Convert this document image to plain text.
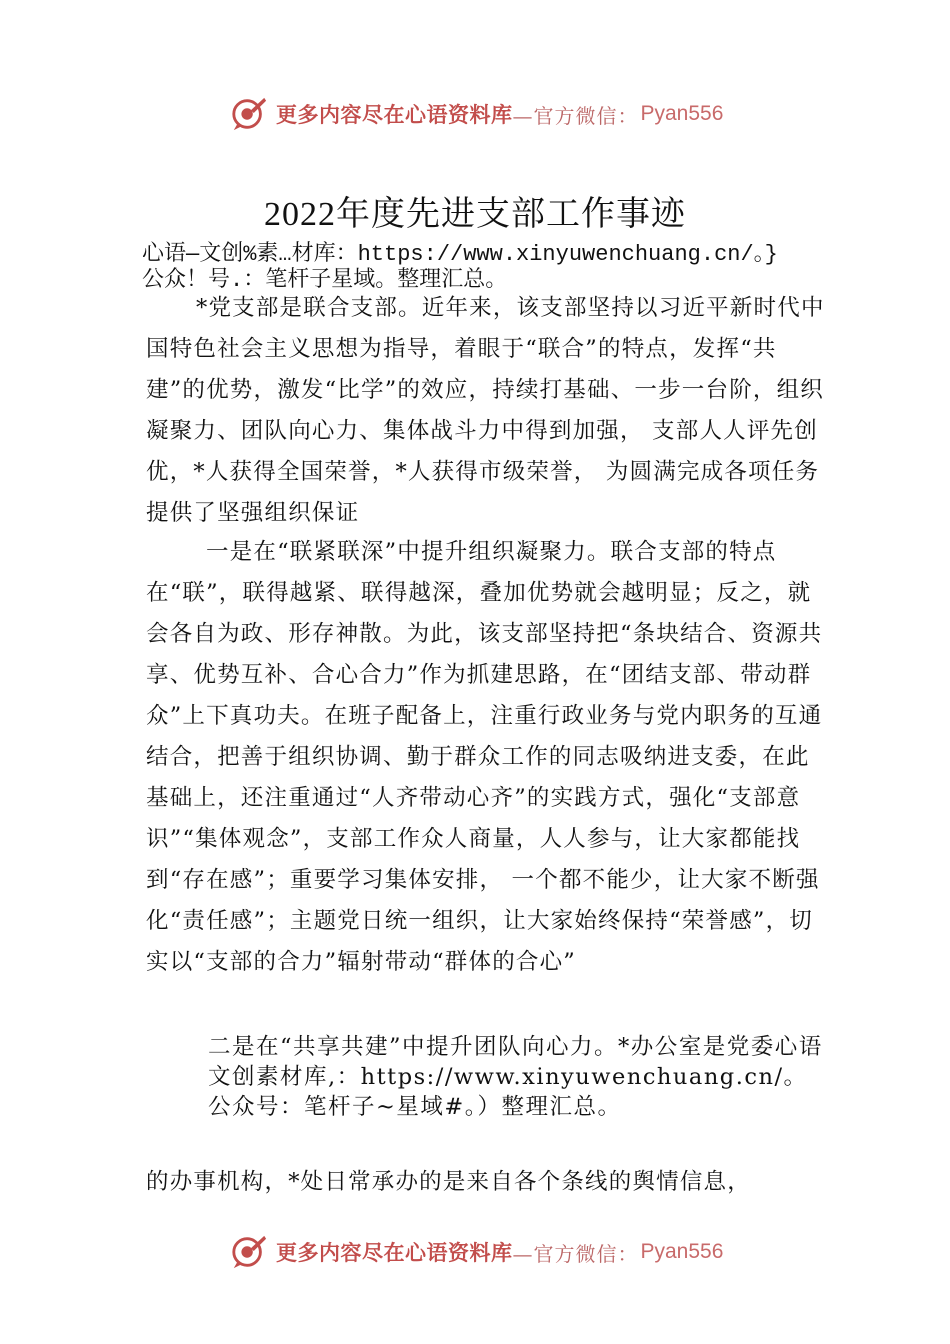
更多内容尽在心语资料库 —官方微信： Pyan556
2022年度先进支部工作事迹
心语—文创%素…材库：https://www.xinyuwenchuang.cn/。}
公众！号.：笔杆子星域。整理汇总。

*党支部是联合支部。近年来，该支部坚持以习近平新时代中国特色社会主义思想为指导，着眼于“联合”的特点，发挥“共建”的优势，激发“比学”的效应，持续打基础、一步一台阶，组织凝聚力、团队向心力、集体战斗力中得到加强， 支部人人评先创优，*人获得全国荣誉，*人获得市级荣誉， 为圆满完成各项任务提供了坚强组织保证

一是在“联紧联深”中提升组织凝聚力。联合支部的特点在“联”，联得越紧、联得越深，叠加优势就会越明显；反之，就会各自为政、形存神散。为此，该支部坚持把“条块结合、资源共享、优势互补、合心合力”作为抓建思路，在“团结支部、带动群众”上下真功夫。在班子配备上，注重行政业务与党内职务的互通结合，把善于组织协调、勤于群众工作的同志吸纳进支委，在此基础上，还注重通过“人齐带动心齐”的实践方式，强化“支部意识”“集体观念”，支部工作众人商量，人人参与，让大家都能找到“存在感”；重要学习集体安排， 一个都不能少，让大家不断强化“责任感”；主题党日统一组织，让大家始终保持“荣誉感”，切实以“支部的合力”辐射带动“群体的合心”

二是在“共享共建”中提升团队向心力。*办公室是党委心语文创素材库,：https://www.xinyuwenchuang.cn/。公众号：笔杆子~星域#。）整理汇总。

的办事机构，*处日常承办的是来自各个条线的舆情信息，

更多内容尽在心语资料库 —官方微信： Pyan556
